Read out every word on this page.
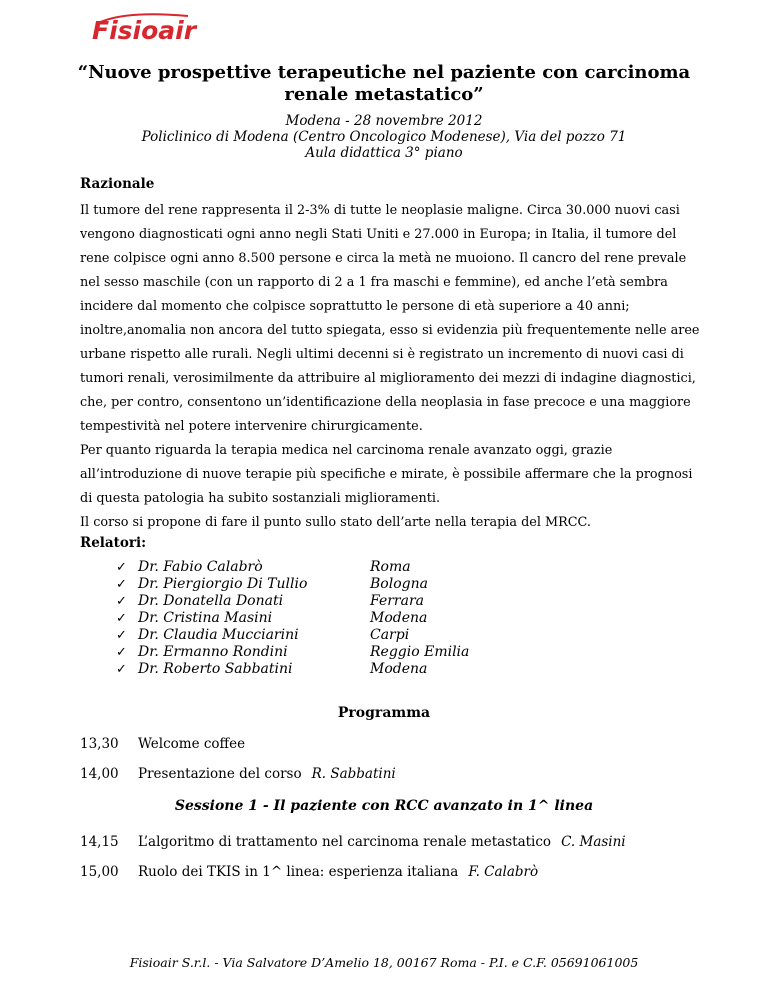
Fisioair
“Nuove prospettive terapeutiche nel paziente con carcinoma renale metastatico”
Modena - 28 novembre 2012
Policlinico di Modena (Centro Oncologico Modenese), Via del pozzo 71
Aula didattica 3° piano
Razionale

Il tumore del rene rappresenta il 2-3% di tutte le neoplasie maligne. Circa 30.000 nuovi casi vengono diagnosticati ogni anno negli Stati Uniti e 27.000 in Europa; in Italia, il tumore del rene colpisce ogni anno 8.500 persone e circa la metà ne muoiono. Il cancro del rene prevale nel sesso maschile (con un rapporto di 2 a 1 fra maschi e femmine), ed anche l’età sembra incidere dal momento che colpisce soprattutto le persone di età superiore a 40 anni; inoltre,anomalia non ancora del tutto spiegata, esso si evidenzia più frequentemente nelle aree urbane rispetto alle rurali. Negli ultimi decenni si è registrato un incremento di nuovi casi di tumori renali, verosimilmente da attribuire al miglioramento dei mezzi di indagine diagnostici, che, per contro, consentono un’identificazione della neoplasia in fase precoce e una maggiore tempestività nel potere intervenire chirurgicamente.

Per quanto riguarda la terapia medica nel carcinoma renale avanzato oggi, grazie all’introduzione di nuove terapie più specifiche e mirate, è possibile affermare che la prognosi di questa patologia ha subito sostanziali miglioramenti.

Il corso si propone di fare il punto sullo stato dell’arte nella terapia del MRCC.

Relatori:
✓ Dr. Fabio Calabrò	Roma
✓ Dr. Piergiorgio Di Tullio	Bologna
✓ Dr. Donatella Donati	Ferrara
✓ Dr. Cristina Masini	Modena
✓ Dr. Claudia Mucciarini	Carpi
✓ Dr. Ermanno Rondini	Reggio Emilia
✓ Dr. Roberto Sabbatini	Modena
Programma
13,30 Welcome coffee
14,00 Presentazione del corso R. Sabbatini
Sessione 1 - Il paziente con RCC avanzato in 1^ linea
14,15 L’algoritmo di trattamento nel carcinoma renale metastatico C. Masini
15,00 Ruolo dei TKIS in 1^ linea: esperienza italiana F. Calabrò
Fisioair S.r.l. - Via Salvatore D’Amelio 18, 00167 Roma - P.I. e C.F. 05691061005
